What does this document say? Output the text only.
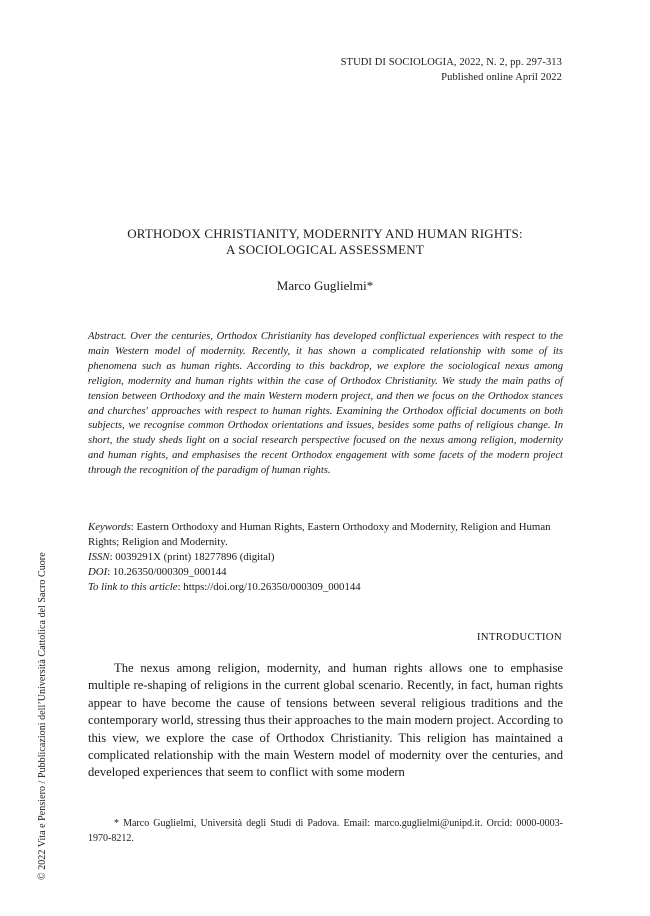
STUDI DI SOCIOLOGIA, 2022, N. 2, pp. 297-313
Published online April 2022
ORTHODOX CHRISTIANITY, MODERNITY AND HUMAN RIGHTS:
A SOCIOLOGICAL ASSESSMENT
Marco Guglielmi*
Abstract. Over the centuries, Orthodox Christianity has developed conflictual experiences with respect to the main Western model of modernity. Recently, it has shown a complicated relationship with some of its phenomena such as human rights. According to this backdrop, we explore the sociological nexus among religion, modernity and human rights within the case of Orthodox Christianity. We study the main paths of tension between Orthodoxy and the main Western modern project, and then we focus on the Orthodox stances and churches' approaches with respect to human rights. Examining the Orthodox official documents on both subjects, we recognise common Orthodox orientations and issues, besides some paths of religious change. In short, the study sheds light on a social research perspective focused on the nexus among religion, modernity and human rights, and emphasises the recent Orthodox engagement with some facets of the modern project through the recognition of the paradigm of human rights.
Keywords: Eastern Orthodoxy and Human Rights, Eastern Orthodoxy and Modernity, Religion and Human Rights; Religion and Modernity.
ISSN: 0039291X (print) 18277896 (digital)
DOI: 10.26350/000309_000144
To link to this article: https://doi.org/10.26350/000309_000144
INTRODUCTION
The nexus among religion, modernity, and human rights allows one to emphasise multiple re-shaping of religions in the current global scenario. Recently, in fact, human rights appear to have become the cause of tensions between several religious traditions and the contemporary world, stressing thus their approaches to the main modern project. According to this view, we explore the case of Orthodox Christianity. This religion has maintained a complicated relationship with the main Western model of modernity over the centuries, and developed experiences that seem to conflict with some modern
* Marco Guglielmi, Università degli Studi di Padova. Email: marco.guglielmi@unipd.it. Orcid: 0000-0003-1970-8212.
© 2022 Vita e Pensiero / Pubblicazioni dell’Università Cattolica del Sacro Cuore
